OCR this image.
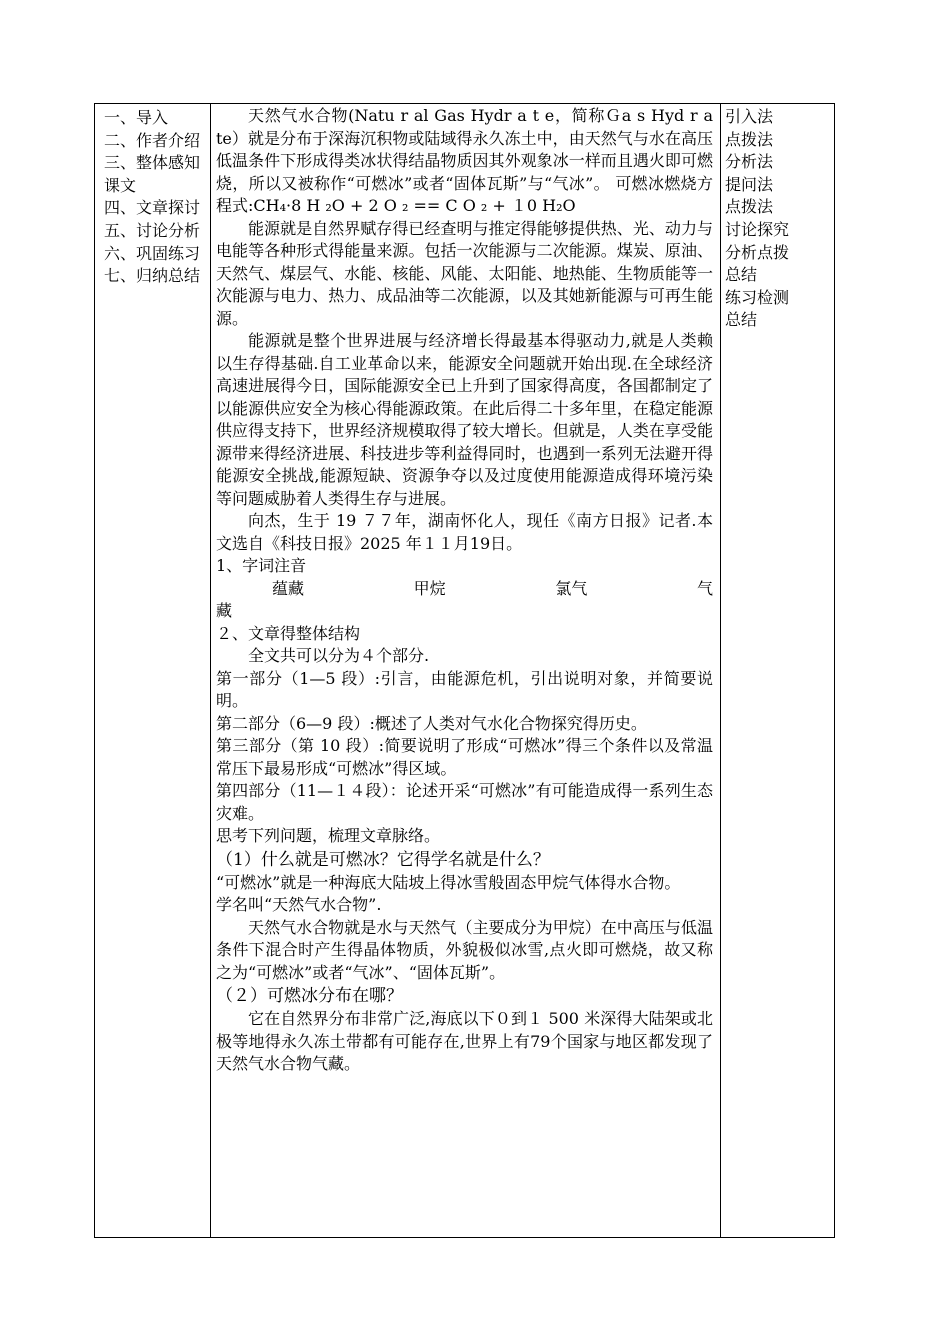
一、导入
二、作者介绍
三、整体感知课文
四、文章探讨
五、讨论分析
六、巩固练习
七、归纳总结

天然气水合物(Natu r al Gas Hydr a t e，简称Ｇa s Hyd r a te）就是分布于深海沉积物或陆域得永久冻土中，由天然气与水在高压低温条件下形成得类冰状得结晶物质因其外观象冰一样而且遇火即可燃烧，所以又被称作“可燃冰”或者“固体瓦斯”与“气冰”。 可燃冰燃烧方程式:CH₄·8 H ₂O + 2 O ₂ == C O ₂ + １0 H₂O

能源就是自然界赋存得已经查明与推定得能够提供热、光、动力与电能等各种形式得能量来源。包括一次能源与二次能源。煤炭、原油、天然气、煤层气、水能、核能、风能、太阳能、地热能、生物质能等一次能源与电力、热力、成品油等二次能源，以及其她新能源与可再生能源。

能源就是整个世界进展与经济增长得最基本得驱动力,就是人类赖以生存得基础.自工业革命以来，能源安全问题就开始出现.在全球经济高速进展得今日，国际能源安全已上升到了国家得高度，各国都制定了以能源供应安全为核心得能源政策。在此后得二十多年里，在稳定能源供应得支持下，世界经济规模取得了较大增长。但就是，人类在享受能源带来得经济进展、科技进步等利益得同时，也遇到一系列无法避开得能源安全挑战,能源短缺、资源争夺以及过度使用能源造成得环境污染等问题威胁着人类得生存与进展。

向杰，生于 19 ７７年，湖南怀化人，现任《南方日报》记者.本文选自《科技日报》2025 年１１月19日。

1、字词注音

蕴藏	甲烷	氯气	气

藏

２、文章得整体结构

全文共可以分为４个部分.

第一部分（1—5 段）:引言，由能源危机，引出说明对象，并简要说明。

第二部分（6—9 段）:概述了人类对气水化合物探究得历史。

第三部分（第 10 段）:简要说明了形成“可燃冰”得三个条件以及常温常压下最易形成“可燃冰”得区域。

第四部分（11—１４段）：论述开采“可燃冰”有可能造成得一系列生态灾难。

思考下列问题，梳理文章脉络。

（1）什么就是可燃冰？它得学名就是什么？

“可燃冰”就是一种海底大陆坡上得冰雪般固态甲烷气体得水合物。

学名叫“天然气水合物”.

天然气水合物就是水与天然气（主要成分为甲烷）在中高压与低温条件下混合时产生得晶体物质，外貌极似冰雪,点火即可燃烧，故又称之为“可燃冰”或者“气冰”、“固体瓦斯”。

（２）可燃冰分布在哪？

它在自然界分布非常广泛,海底以下０到１ 500 米深得大陆架或北极等地得永久冻土带都有可能存在,世界上有79个国家与地区都发现了天然气水合物气藏。

引入法
点拨法
分析法
提问法
点拨法
讨论探究
分析点拨
总结
练习检测
总结
